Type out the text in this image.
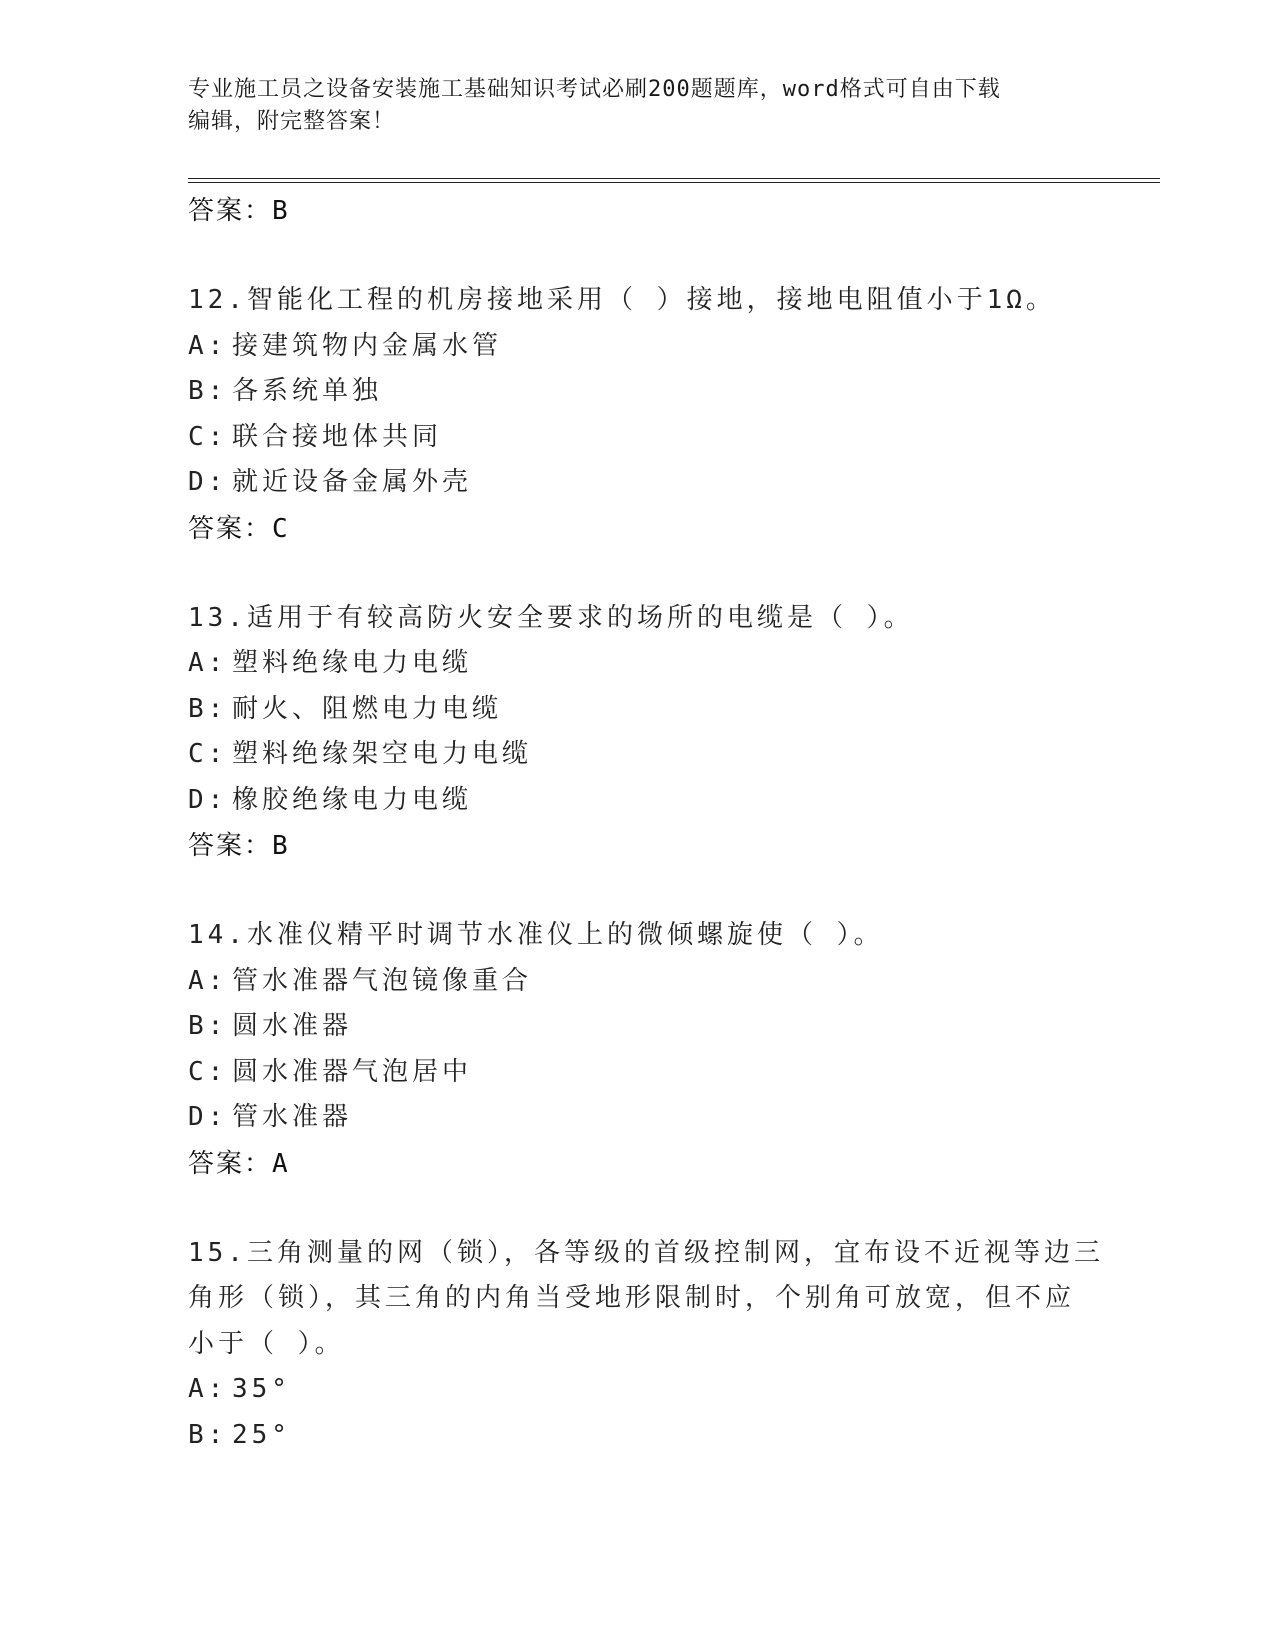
专业施工员之设备安装施工基础知识考试必刷200题题库，word格式可自由下载
编辑，附完整答案！
答案：B
12.智能化工程的机房接地采用（ ）接地，接地电阻值小于1Ω。
A: 接建筑物内金属水管
B: 各系统单独
C: 联合接地体共同
D: 就近设备金属外壳
答案：C
13.适用于有较高防火安全要求的场所的电缆是（ ）。
A: 塑料绝缘电力电缆
B: 耐火、阻燃电力电缆
C: 塑料绝缘架空电力电缆
D: 橡胶绝缘电力电缆
答案：B
14.水准仪精平时调节水准仪上的微倾螺旋使（ ）。
A: 管水准器气泡镜像重合
B: 圆水准器
C: 圆水准器气泡居中
D: 管水准器
答案：A
15.三角测量的网（锁），各等级的首级控制网，宜布设不近视等边三
角形（锁），其三角的内角当受地形限制时，个别角可放宽，但不应
小于（ ）。
A: 35°
B: 25°
